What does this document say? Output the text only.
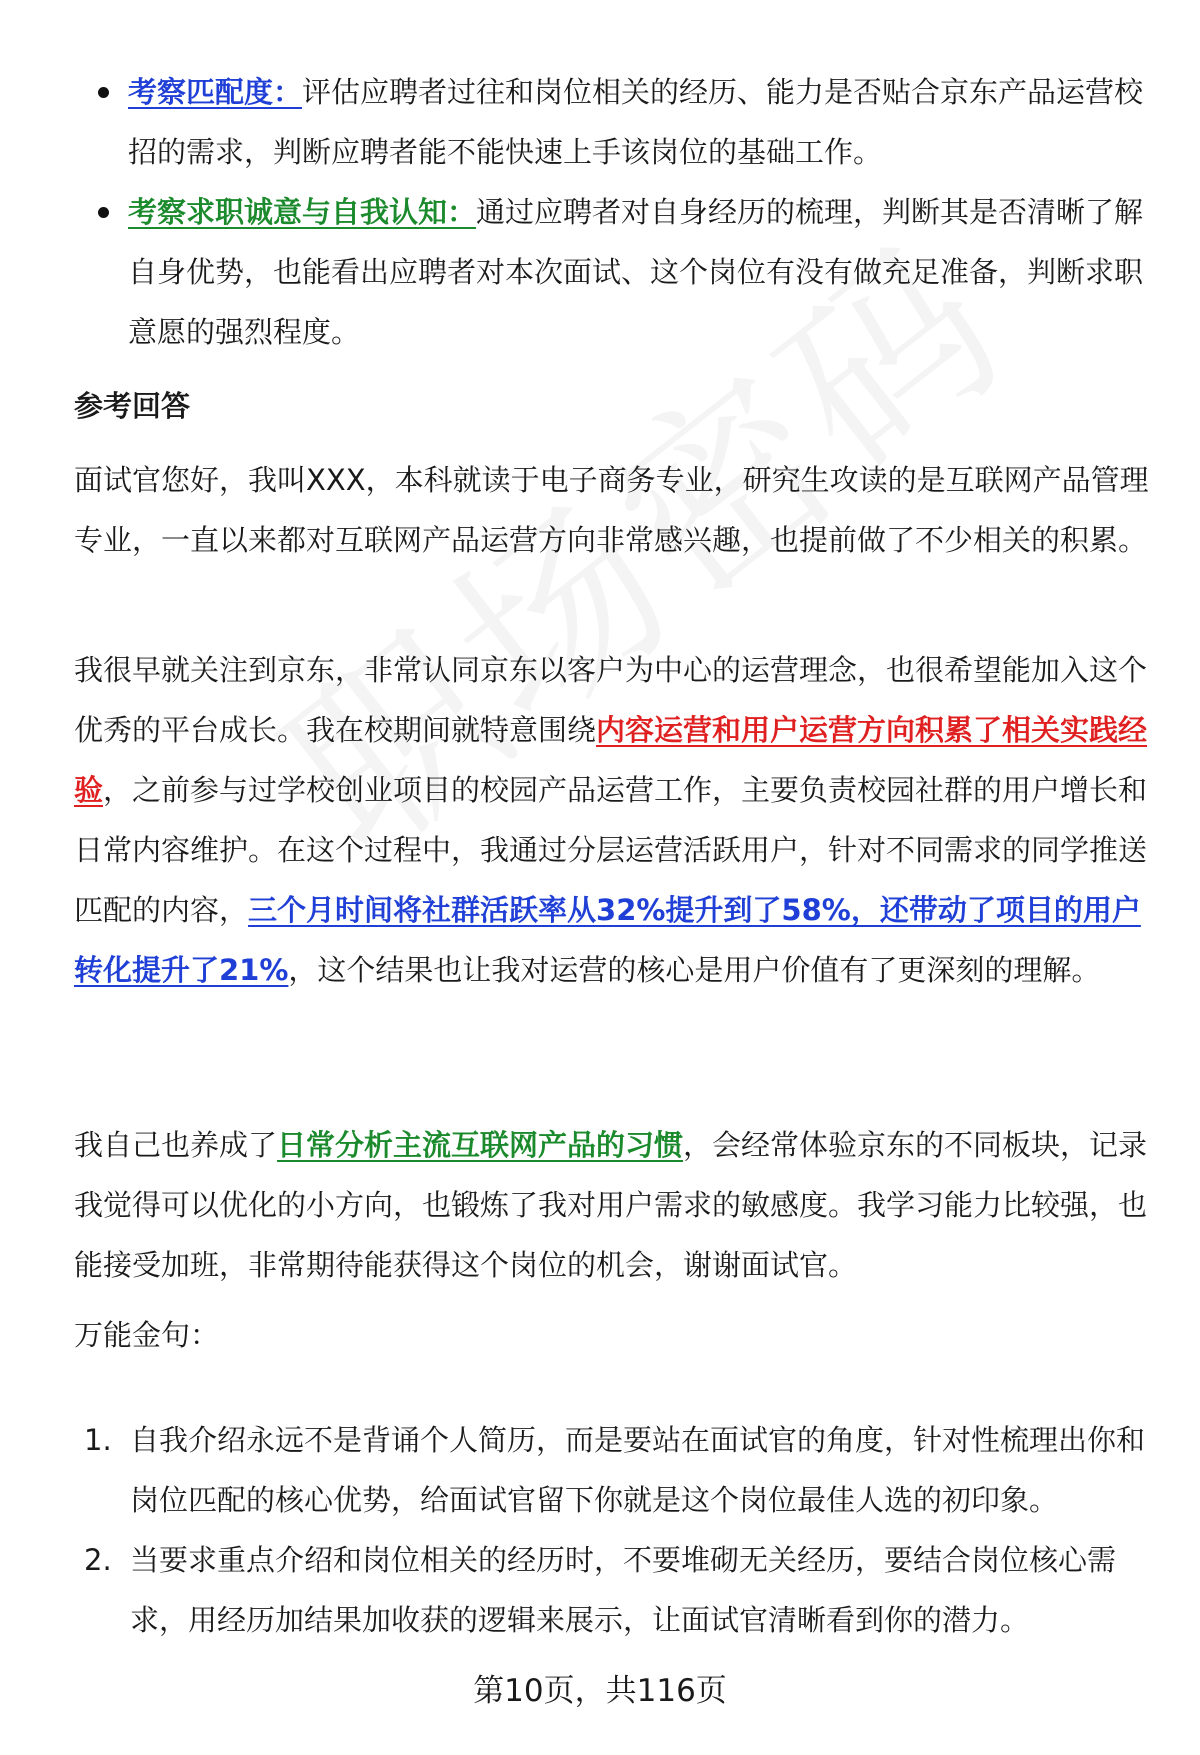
考察匹配度：评估应聘者过往和岗位相关的经历、能力是否贴合京东产品运营校招的需求，判断应聘者能不能快速上手该岗位的基础工作。
考察求职诚意与自我认知：通过应聘者对自身经历的梳理，判断其是否清晰了解自身优势，也能看出应聘者对本次面试、这个岗位有没有做充足准备，判断求职意愿的强烈程度。
参考回答

面试官您好，我叫XXX，本科就读于电子商务专业，研究生攻读的是互联网产品管理专业，一直以来都对互联网产品运营方向非常感兴趣，也提前做了不少相关的积累。

我很早就关注到京东，非常认同京东以客户为中心的运营理念，也很希望能加入这个优秀的平台成长。我在校期间就特意围绕内容运营和用户运营方向积累了相关实践经验，之前参与过学校创业项目的校园产品运营工作，主要负责校园社群的用户增长和日常内容维护。在这个过程中，我通过分层运营活跃用户，针对不同需求的同学推送匹配的内容，三个月时间将社群活跃率从32%提升到了58%，还带动了项目的用户转化提升了21%，这个结果也让我对运营的核心是用户价值有了更深刻的理解。

我自己也养成了日常分析主流互联网产品的习惯，会经常体验京东的不同板块，记录我觉得可以优化的小方向，也锻炼了我对用户需求的敏感度。我学习能力比较强，也能接受加班，非常期待能获得这个岗位的机会，谢谢面试官。

万能金句：

1. 自我介绍永远不是背诵个人简历，而是要站在面试官的角度，针对性梳理出你和岗位匹配的核心优势，给面试官留下你就是这个岗位最佳人选的初印象。
2. 当要求重点介绍和岗位相关的经历时，不要堆砌无关经历，要结合岗位核心需求，用经历加结果加收获的逻辑来展示，让面试官清晰看到你的潜力。
第10页，共116页
